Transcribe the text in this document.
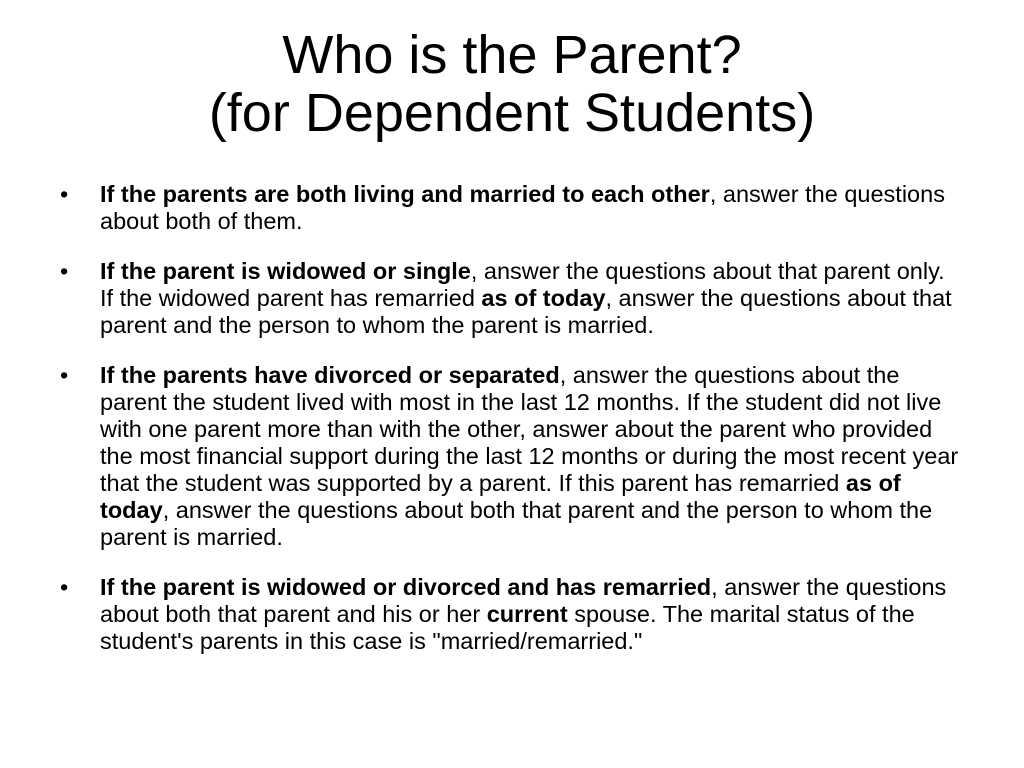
Who is the Parent?
(for Dependent Students)
•	If the parents are both living and married to each other, answer the questions about both of them.
•	If the parent is widowed or single, answer the questions about that parent only. If the widowed parent has remarried as of today, answer the questions about that parent and the person to whom the parent is married.
•	If the parents have divorced or separated, answer the questions about the parent the student lived with most in the last 12 months. If the student did not live with one parent more than with the other, answer about the parent who provided the most financial support during the last 12 months or during the most recent year that the student was supported by a parent. If this parent has remarried as of today, answer the questions about both that parent and the person to whom the parent is married.
•	If the parent is widowed or divorced and has remarried, answer the questions about both that parent and his or her current spouse. The marital status of the student's parents in this case is "married/remarried."
